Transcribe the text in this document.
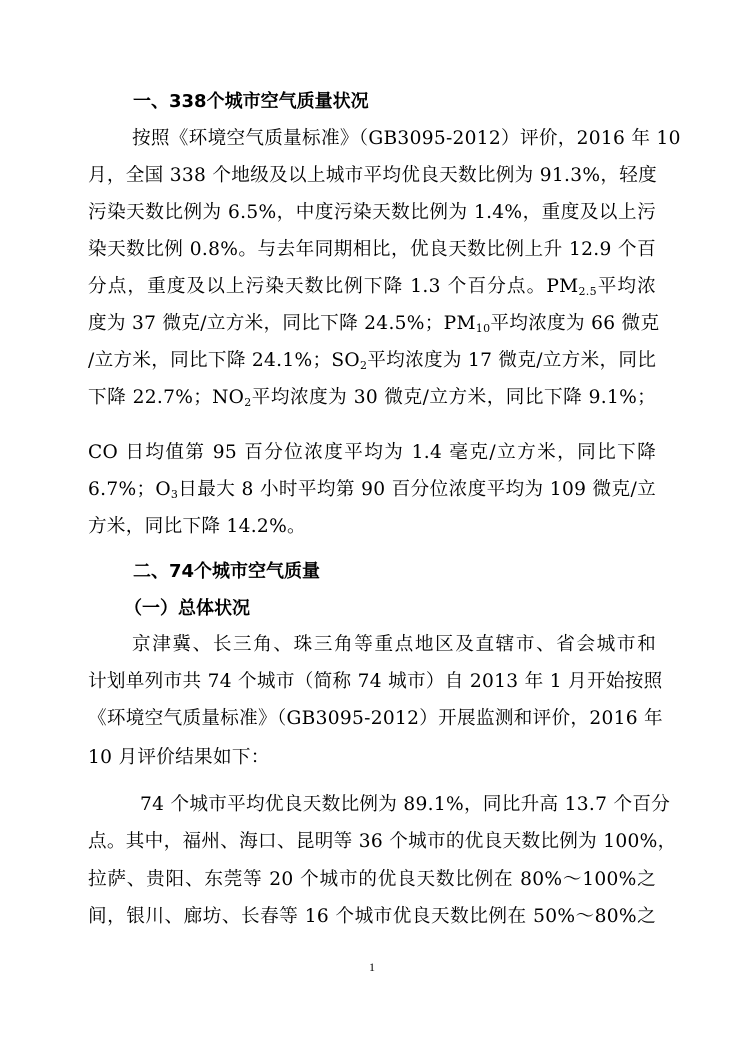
一、338个城市空气质量状况
按照《环境空气质量标准》（GB3095-2012）评价，2016 年 10
月，全国 338 个地级及以上城市平均优良天数比例为 91.3%，轻度
污染天数比例为 6.5%，中度污染天数比例为 1.4%，重度及以上污
染天数比例 0.8%。与去年同期相比，优良天数比例上升 12.9 个百
分点，重度及以上污染天数比例下降 1.3 个百分点。$PM_{2.5}$平均浓
度为 37 微克/立方米，同比下降 24.5%；$PM_{10}$平均浓度为 66 微克
/立方米，同比下降 24.1%；$SO_2$平均浓度为 17 微克/立方米，同比
下降 22.7%；$NO_2$平均浓度为 30 微克/立方米，同比下降 9.1%；
CO 日均值第 95 百分位浓度平均为 1.4 毫克/立方米，同比下降
6.7%；$O_3$日最大 8 小时平均第 90 百分位浓度平均为 109 微克/立
方米，同比下降 14.2%。
二、74个城市空气质量
（一）总体状况
京津冀、长三角、珠三角等重点地区及直辖市、省会城市和
计划单列市共 74 个城市（简称 74 城市）自 2013 年 1 月开始按照
《环境空气质量标准》（GB3095-2012）开展监测和评价，2016 年
10 月评价结果如下：
74 个城市平均优良天数比例为 89.1%，同比升高 13.7 个百分
点。其中，福州、海口、昆明等 36 个城市的优良天数比例为 100%，
拉萨、贵阳、东莞等 20 个城市的优良天数比例在 80%～100%之
间，银川、廊坊、长春等 16 个城市优良天数比例在 50%～80%之
1
